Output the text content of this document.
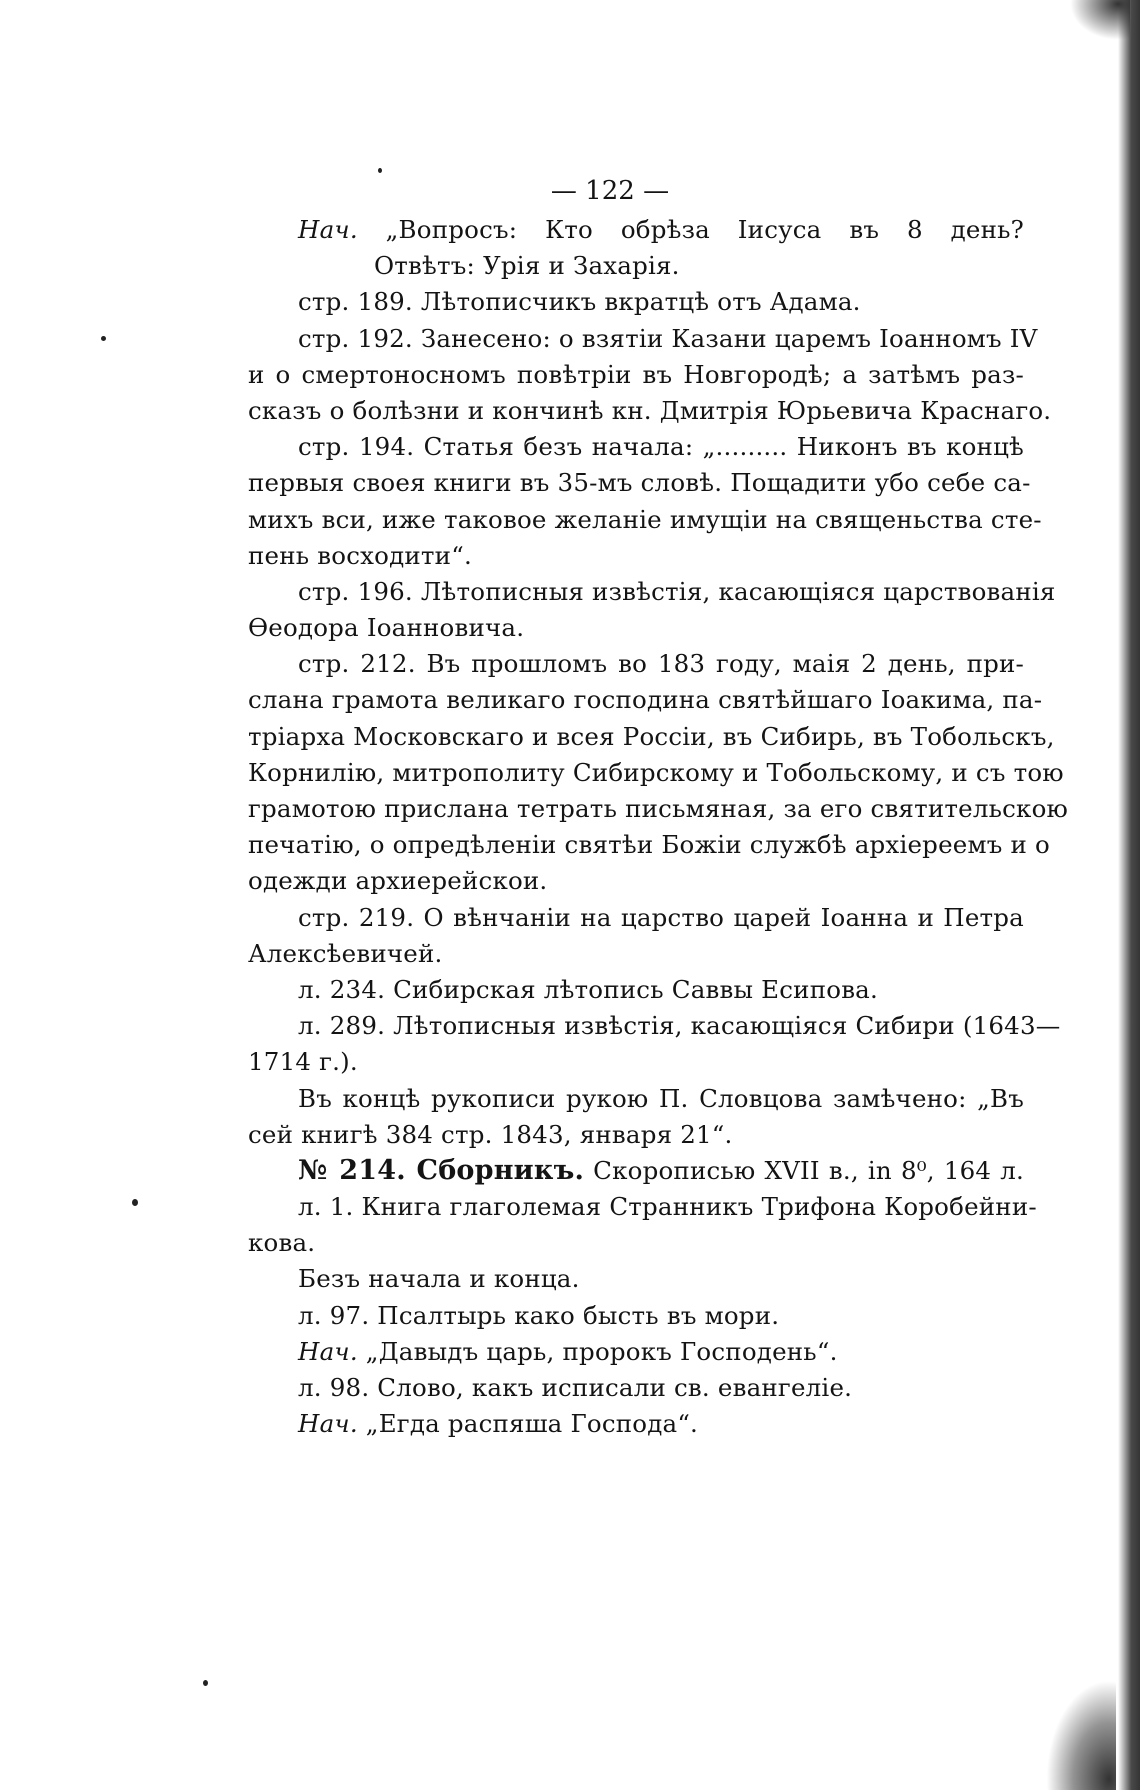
— 122 —
Нач. „Вопросъ: Кто обрѣза Іисуса въ 8 день?
Отвѣтъ: Урія и Захарія.
стр. 189. Лѣтописчикъ вкратцѣ отъ Адама.
стр. 192. Занесено: о взятіи Казани царемъ Іоанномъ IV
и о смертоносномъ повѣтріи въ Новгородѣ; а затѣмъ раз-
сказъ о болѣзни и кончинѣ кн. Дмитрія Юрьевича Краснаго.
стр. 194. Статья безъ начала: „......... Никонъ въ концѣ
первыя своея книги въ 35-мъ словѣ. Пощадити убо себе са-
михъ вси, иже таковое желаніе имущіи на священьства сте-
пень восходити“.
стр. 196. Лѣтописныя извѣстія, касающіяся царствованія
Өеодора Іоанновича.
стр. 212. Въ прошломъ во 183 году, маія 2 день, при-
слана грамота великаго господина святѣйшаго Іоакима, па-
тріарха Московскаго и всея Россіи, въ Сибирь, въ Тобольскъ,
Корнилію, митрополиту Сибирскому и Тобольскому, и съ тою
грамотою прислана тетрать письмяная, за его святительскою
печатію, о опредѣленіи святѣи Божіи службѣ архіереемъ и о
одежди архиерейскои.
стр. 219. О вѣнчаніи на царство царей Іоанна и Петра
Алексѣевичей.
л. 234. Сибирская лѣтопись Саввы Есипова.
л. 289. Лѣтописныя извѣстія, касающіяся Сибири (1643—
1714 г.).
Въ концѣ рукописи рукою П. Словцова замѣчено: „Въ
сей книгѣ 384 стр. 1843, января 21“.
№ 214. Сборникъ. Скорописью XVII в., in 8⁰, 164 л.
л. 1. Книга глаголемая Странникъ Трифона Коробейни-
кова.
Безъ начала и конца.
л. 97. Псалтырь како бысть въ мори.
Нач. „Давыдъ царь, пророкъ Господень“.
л. 98. Слово, какъ исписали св. евангеліе.
Нач. „Егда распяша Господа“.
